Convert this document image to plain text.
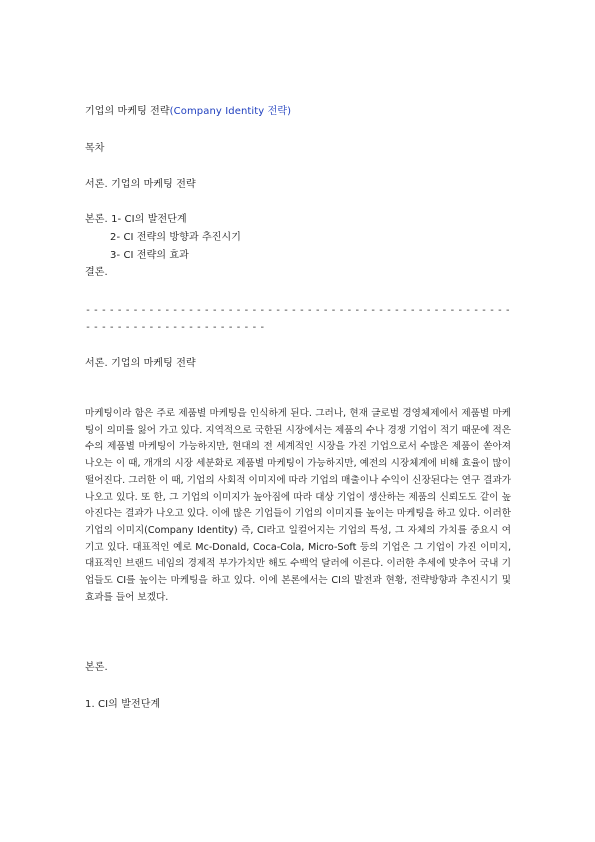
기업의 마케팅 전략(Company Identity 전략)
목차
서론. 기업의 마케팅 전략
본론. 1- CI의 발전단계
2- CI 전략의 방향과 추진시기
3- CI 전략의 효과
결론.
------------------------------------------------------
-----------------------
서론. 기업의 마케팅 전략
마케팅이라 함은 주로 제품별 마케팅을 인식하게 된다. 그러나, 현재 글로벌 경영체제에서 제품별 마케팅이 의미를 잃어 가고 있다. 지역적으로 국한된 시장에서는 제품의 수나 경쟁 기업이 적기 때문에 적은 수의 제품별 마케팅이 가능하지만, 현대의 전 세계적인 시장을 가진 기업으로서 수많은 제품이 쏟아져 나오는 이 때, 개개의 시장 세분화로 제품별 마케팅이 가능하지만, 예전의 시장체계에 비해 효율이 많이 떨어진다. 그러한 이 때, 기업의 사회적 이미지에 따라 기업의 매출이나 수익이 신장된다는 연구 결과가 나오고 있다. 또 한, 그 기업의 이미지가 높아짐에 따라 대상 기업이 생산하는 제품의 신뢰도도 같이 높아진다는 결과가 나오고 있다. 이에 많은 기업들이 기업의 이미지를 높이는 마케팅을 하고 있다. 이러한 기업의 이미지(Company Identity) 즉, CI라고 일컬어지는 기업의 특성, 그 자체의 가치를 중요시 여기고 있다. 대표적인 예로 Mc-Donald, Coca-Cola, Micro-Soft 등의 기업은 그 기업이 가진 이미지, 대표적인 브랜드 네임의 경제적 부가가치만 해도 수백억 달러에 이른다. 이러한 추세에 맞추어 국내 기업들도 CI를 높이는 마케팅을 하고 있다. 이에 본론에서는 CI의 발전과 현황, 전략방향과 추진시기 및 효과를 들어 보겠다.
본론.
1. CI의 발전단계
